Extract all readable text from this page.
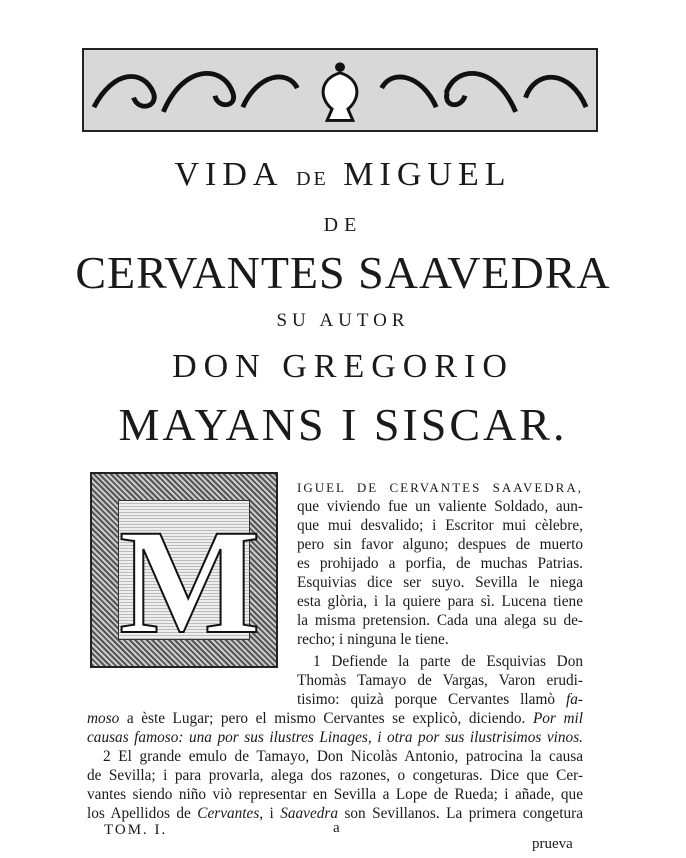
VIDA DE MIGUEL
DE
CERVANTES SAAVEDRA
SU AUTOR
DON GREGORIO
MAYANS I SISCAR.
M
IGUEL DE CERVANTES SAAVEDRA,
que viviendo fue un valiente Soldado, aun-
que mui desvalido; i Escritor mui cèlebre,
pero sin favor alguno; despues de muerto
es prohijado a porfia, de muchas Patrias.
Esquivias dice ser suyo. Sevilla le niega
esta glòria, i la quiere para sì. Lucena tiene
la misma pretension. Cada una alega su de-
recho; i ninguna le tiene.
1 Defiende la parte de Esquivias Don
Thomàs Tamayo de Vargas, Varon erudi-
tisimo: quizà porque Cervantes llamò fa-
moso a èste Lugar; pero el mismo Cervantes se explicò, diciendo. Por mil
causas famoso: una por sus ilustres Linages, i otra por sus ilustrisimos vinos.
2 El grande emulo de Tamayo, Don Nicolàs Antonio, patrocina la causa
de Sevilla; i para provarla, alega dos razones, o congeturas. Dice que Cer-
vantes siendo niño viò representar en Sevilla a Lope de Rueda; i añade, que
los Apellidos de Cervantes, i Saavedra son Sevillanos. La primera congetura
TOM. I.	a
prueva
